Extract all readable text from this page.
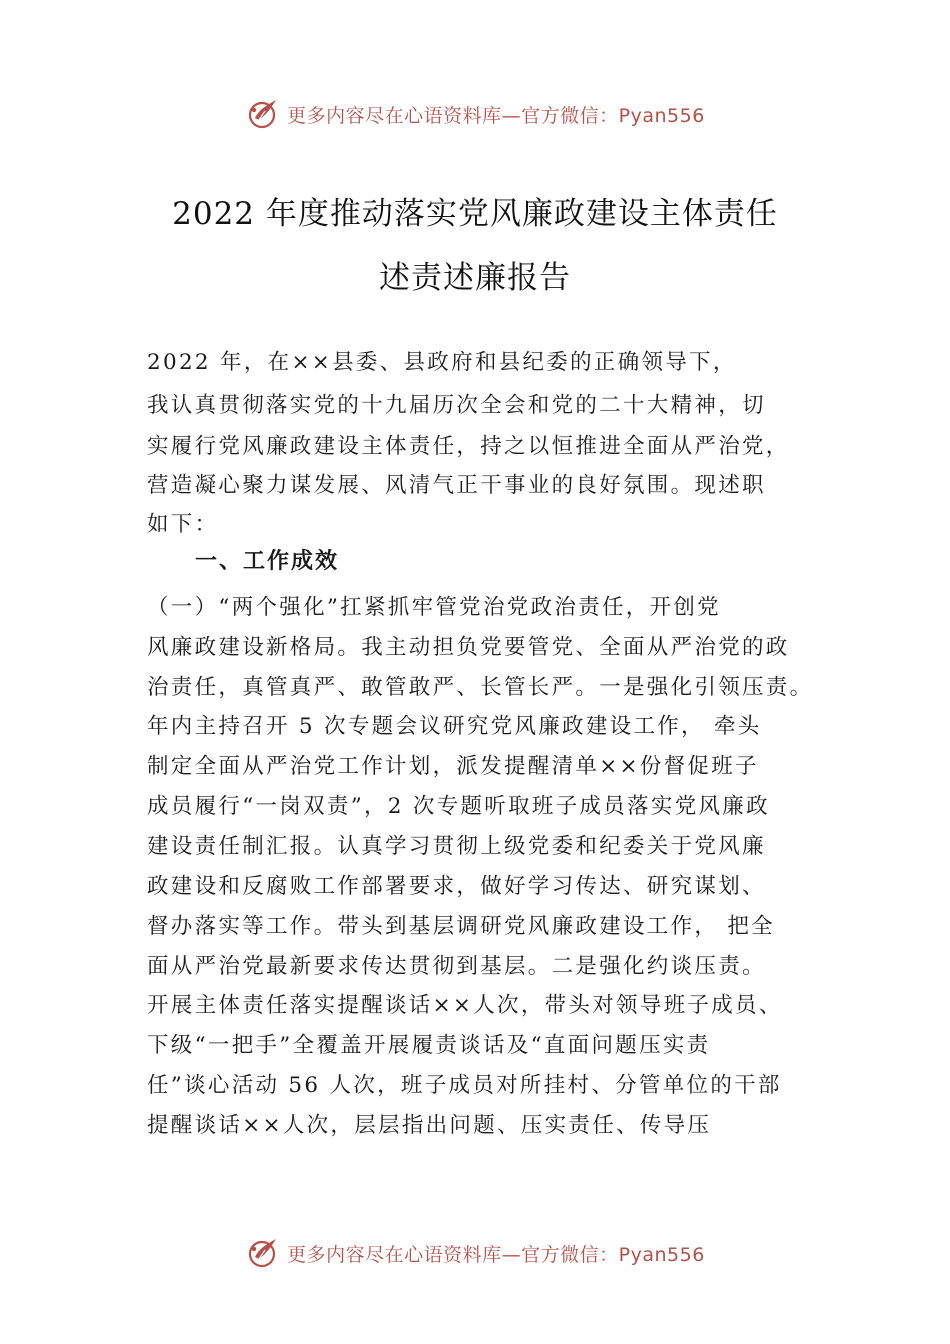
更多内容尽在心语资料库—官方微信：Pyan556
2022 年度推动落实党风廉政建设主体责任
述责述廉报告

2022 年，在××县委、县政府和县纪委的正确领导下，

我认真贯彻落实党的十九届历次全会和党的二十大精神，切

实履行党风廉政建设主体责任，持之以恒推进全面从严治党，

营造凝心聚力谋发展、风清气正干事业的良好氛围。现述职

如下：

一、工作成效

（一）“两个强化”扛紧抓牢管党治党政治责任，开创党

风廉政建设新格局。我主动担负党要管党、全面从严治党的政

治责任，真管真严、敢管敢严、长管长严。一是强化引领压责。

年内主持召开 5 次专题会议研究党风廉政建设工作， 牵头

制定全面从严治党工作计划，派发提醒清单××份督促班子

成员履行“一岗双责”，2 次专题听取班子成员落实党风廉政

建设责任制汇报。认真学习贯彻上级党委和纪委关于党风廉

政建设和反腐败工作部署要求，做好学习传达、研究谋划、

督办落实等工作。带头到基层调研党风廉政建设工作， 把全

面从严治党最新要求传达贯彻到基层。二是强化约谈压责。

开展主体责任落实提醒谈话××人次，带头对领导班子成员、

下级“一把手”全覆盖开展履责谈话及“直面问题压实责

任”谈心活动 56 人次，班子成员对所挂村、分管单位的干部

提醒谈话××人次，层层指出问题、压实责任、传导压

更多内容尽在心语资料库—官方微信：Pyan556
